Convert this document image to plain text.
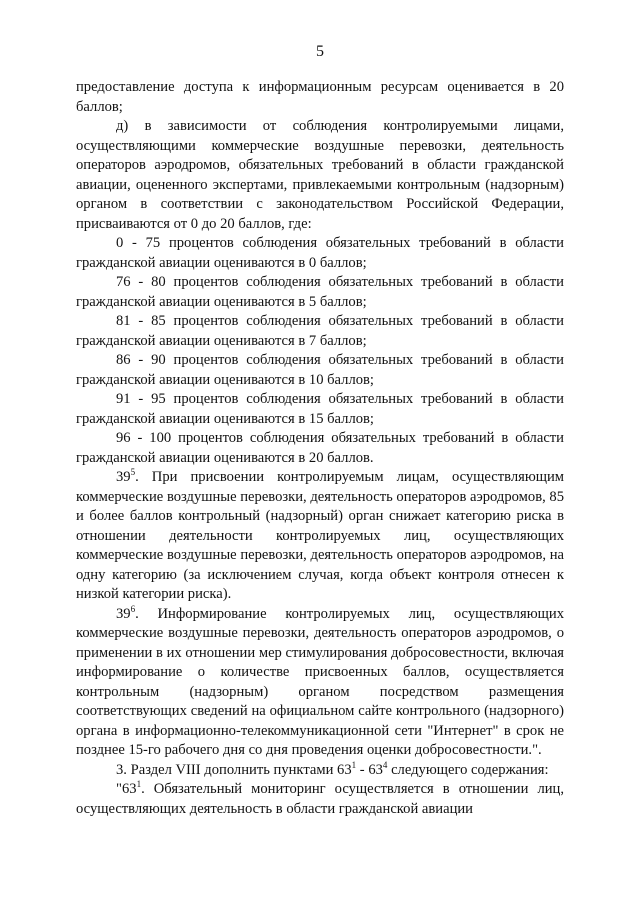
5

предоставление доступа к информационным ресурсам оценивается в 20 баллов;

д) в зависимости от соблюдения контролируемыми лицами, осуществляющими коммерческие воздушные перевозки, деятельность операторов аэродромов, обязательных требований в области гражданской авиации, оцененного экспертами, привлекаемыми контрольным (надзорным) органом в соответствии с законодательством Российской Федерации, присваиваются от 0 до 20 баллов, где:

0 - 75 процентов соблюдения обязательных требований в области гражданской авиации оцениваются в 0 баллов;

76 - 80 процентов соблюдения обязательных требований в области гражданской авиации оцениваются в 5 баллов;

81 - 85 процентов соблюдения обязательных требований в области гражданской авиации оцениваются в 7 баллов;

86 - 90 процентов соблюдения обязательных требований в области гражданской авиации оцениваются в 10 баллов;

91 - 95 процентов соблюдения обязательных требований в области гражданской авиации оцениваются в 15 баллов;

96 - 100 процентов соблюдения обязательных требований в области гражданской авиации оцениваются в 20 баллов.

$39^5$. При присвоении контролируемым лицам, осуществляющим коммерческие воздушные перевозки, деятельность операторов аэродромов, 85 и более баллов контрольный (надзорный) орган снижает категорию риска в отношении деятельности контролируемых лиц, осуществляющих коммерческие воздушные перевозки, деятельность операторов аэродромов, на одну категорию (за исключением случая, когда объект контроля отнесен к низкой категории риска).

$39^6$. Информирование контролируемых лиц, осуществляющих коммерческие воздушные перевозки, деятельность операторов аэродромов, о применении в их отношении мер стимулирования добросовестности, включая информирование о количестве присвоенных баллов, осуществляется контрольным (надзорным) органом посредством размещения соответствующих сведений на официальном сайте контрольного (надзорного) органа в информационно-телекоммуникационной сети "Интернет" в срок не позднее 15-го рабочего дня со дня проведения оценки добросовестности.".

3. Раздел VIII дополнить пунктами $63^1 - 63^4$ следующего содержания:

"$63^1$. Обязательный мониторинг осуществляется в отношении лиц, осуществляющих деятельность в области гражданской авиации
